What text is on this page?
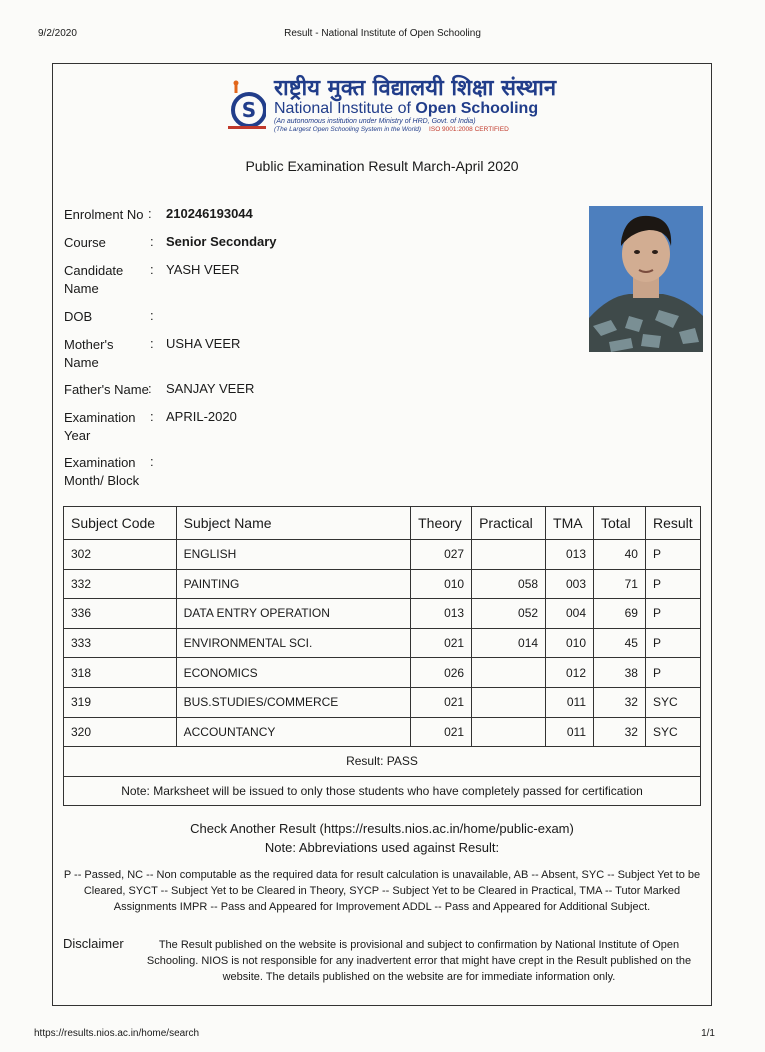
9/2/2020	Result - National Institute of Open Schooling
S
राष्ट्रीय मुक्त विद्यालयी शिक्षा संस्थान
National Institute of Open Schooling
(An autonomous institution under Ministry of HRD, Govt. of India)
(The Largest Open Schooling System in the World) ISO 9001:2008 CERTIFIED
Public Examination Result March-April 2020
Enrolment No : 210246193044
Course	: Senior Secondary
Candidate Name
: YASH VEER
DOB	:
Mother's Name
: USHA VEER
Father's Name : SANJAY VEER
Examination Year
: APRIL-2020
Examination Month/ Block
:
Subject Code	Subject Name	Theory	Practical	TMA	Total	Result
302	ENGLISH	027		013	40	P
332	PAINTING	010	058	003	71	P
336	DATA ENTRY OPERATION	013	052	004	69	P
333	ENVIRONMENTAL SCI.	021	014	010	45	P
318	ECONOMICS	026		012	38	P
319	BUS.STUDIES/COMMERCE	021		011	32	SYC
320	ACCOUNTANCY	021		011	32	SYC
Result: PASS						
Note: Marksheet will be issued to only those students who have completely passed for certification						
Check Another Result (https://results.nios.ac.in/home/public-exam)
Note: Abbreviations used against Result:
P -- Passed, NC -- Non computable as the required data for result calculation is unavailable, AB -- Absent, SYC -- Subject Yet to be Cleared, SYCT -- Subject Yet to be Cleared in Theory, SYCP -- Subject Yet to be Cleared in Practical, TMA -- Tutor Marked Assignments IMPR -- Pass and Appeared for Improvement ADDL -- Pass and Appeared for Additional Subject.
Disclaimer	The Result published on the website is provisional and subject to confirmation by National Institute of Open Schooling. NIOS is not responsible for any inadvertent error that might have crept in the Result published on the website. The details published on the website are for immediate information only.
https://results.nios.ac.in/home/search	1/1
